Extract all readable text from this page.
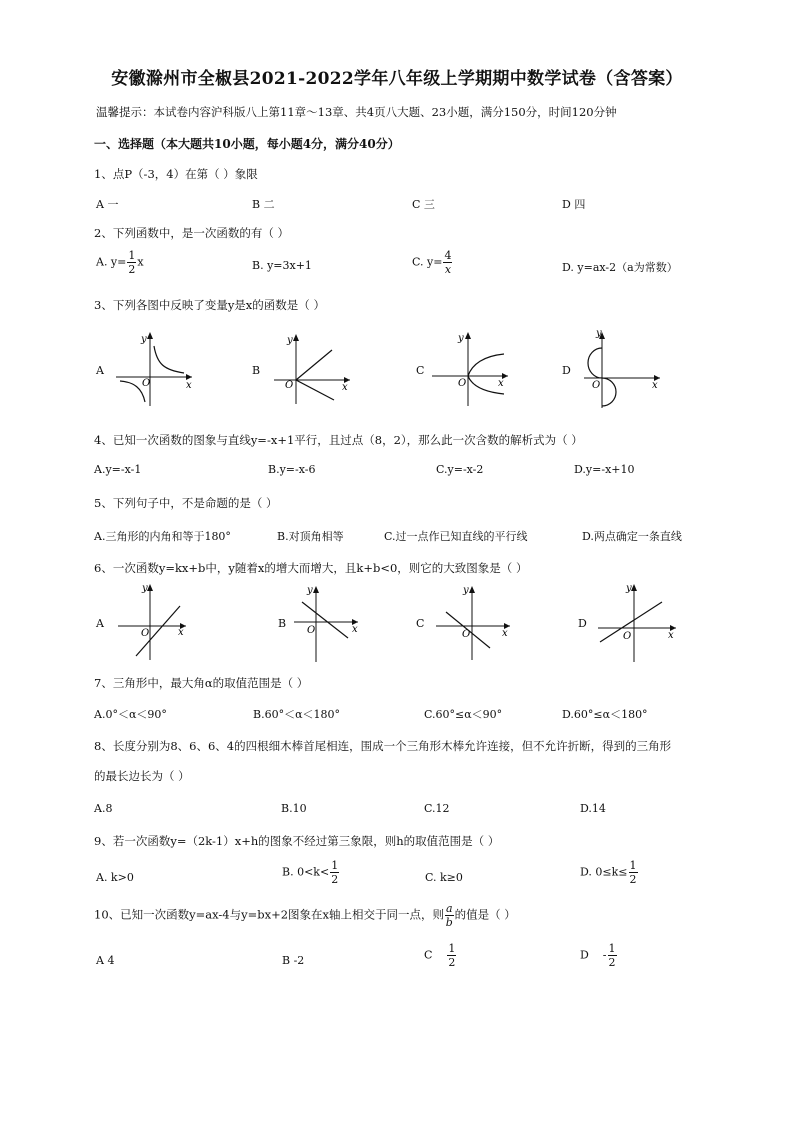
安徽滁州市全椒县2021-2022学年八年级上学期期中数学试卷（含答案）
温馨提示：本试卷内容沪科版八上第11章～13章、共4页八大题、23小题，满分150分，时间120分钟
一、选择题（本大题共10小题，每小题4分，满分40分）
1、点P（-3，4）在第（ ）象限
A 一	B 二	C 三	D 四
2、下列函数中，是一次函数的有（ ）
A. $y= \frac{1}{2}$ x	B. y=3x+1	C. $y= \frac{4}{x}$	D. y=ax-2（a为常数）
3、下列各图中反映了变量y是x的函数是（ ）
A	B	C	D
y
x
O
y
x
O
y
x
O
y
x
O
4、已知一次函数的图象与直线y=-x+1平行，且过点（8，2），那么此一次含数的解析式为（ ）
A.y=-x-1	B.y=-x-6	C.y=-x-2	D.y=-x+10
5、下列句子中，不是命题的是（ ）
A.三角形的内角和等于180°	B.对顶角相等	C.过一点作已知直线的平行线	D.两点确定一条直线
6、一次函数y=kx+b中，y随着x的增大而增大，且k+b<0，则它的大致图象是（ ）
A	B	C	D
y
x
O
y
x
O
y
x
O
y
x
O
7、三角形中，最大角α的取值范围是（ ）
A.0°＜α＜90°	B.60°＜α＜180°	C.60°≤α＜90°	D.60°≤α＜180°
8、长度分别为8、6、6、4的四根细木棒首尾相连，围成一个三角形木棒允许连接，但不允许折断，得到的三角形
的最长边长为（ ）
A.8	B.10	C.12	D.14
9、若一次函数y=（2k-1）x+h的图象不经过第三象限，则h的取值范围是（ ）
A. k>0	B. $0<k< \frac{1}{2}$	C. k≥0	D. $0\le k\le \frac{1}{2}$
10、已知一次函数y=ax-4与y=bx+2图象在x轴上相交于同一点，则 $\frac{a}{b}$ 的值是（ ）
A 4	B -2	C $\frac{1}{2}$	D    - $\frac{1}{2}$
